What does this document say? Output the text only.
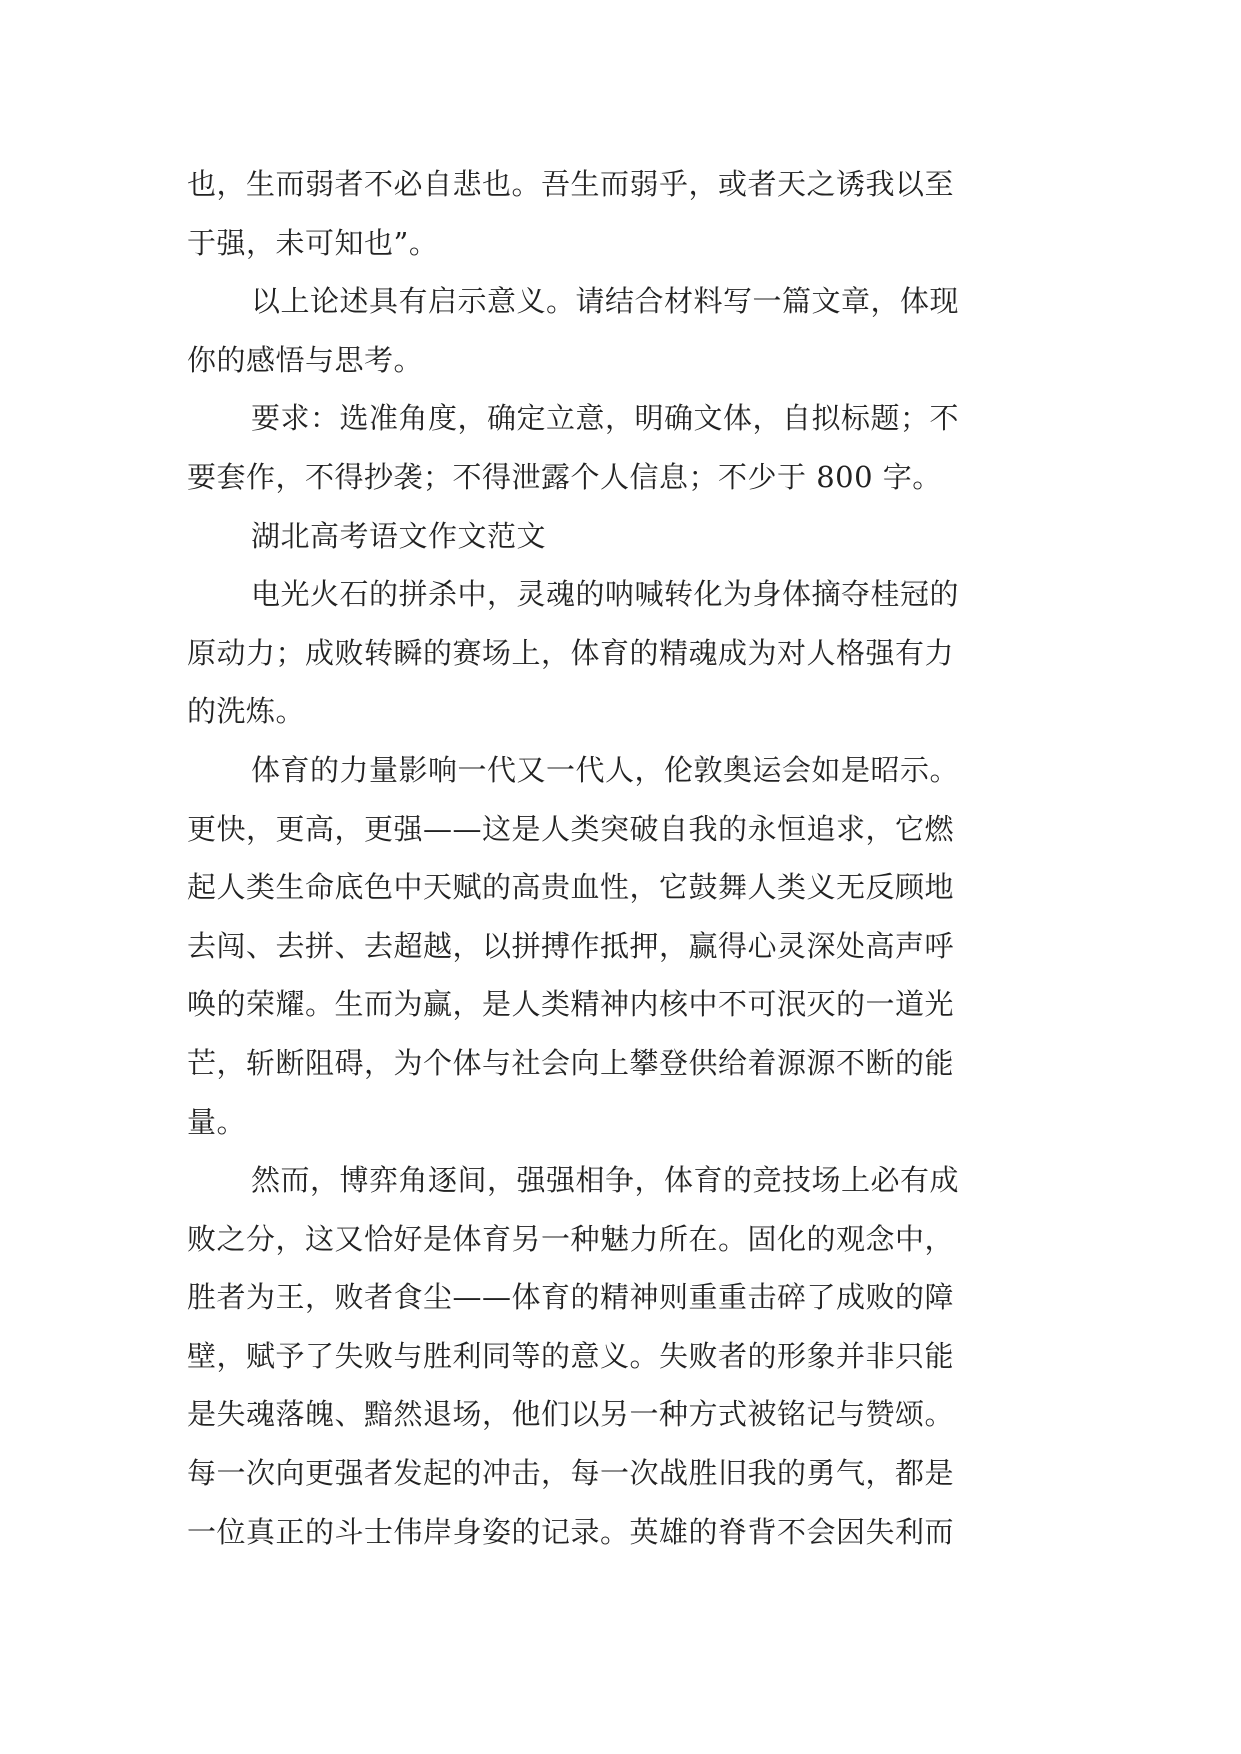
也，生而弱者不必自悲也。吾生而弱乎，或者天之诱我以至
于强，未可知也”。
以上论述具有启示意义。请结合材料写一篇文章，体现
你的感悟与思考。
要求：选准角度，确定立意，明确文体，自拟标题；不
要套作，不得抄袭；不得泄露个人信息；不少于 800 字。
湖北高考语文作文范文
电光火石的拼杀中，灵魂的呐喊转化为身体摘夺桂冠的
原动力；成败转瞬的赛场上，体育的精魂成为对人格强有力
的洗炼。
体育的力量影响一代又一代人，伦敦奥运会如是昭示。
更快，更高，更强——这是人类突破自我的永恒追求，它燃
起人类生命底色中天赋的高贵血性，它鼓舞人类义无反顾地
去闯、去拼、去超越，以拼搏作抵押，赢得心灵深处高声呼
唤的荣耀。生而为赢，是人类精神内核中不可泯灭的一道光
芒，斩断阻碍，为个体与社会向上攀登供给着源源不断的能
量。
然而，博弈角逐间，强强相争，体育的竞技场上必有成
败之分，这又恰好是体育另一种魅力所在。固化的观念中，
胜者为王，败者食尘——体育的精神则重重击碎了成败的障
壁，赋予了失败与胜利同等的意义。失败者的形象并非只能
是失魂落魄、黯然退场，他们以另一种方式被铭记与赞颂。
每一次向更强者发起的冲击，每一次战胜旧我的勇气，都是
一位真正的斗士伟岸身姿的记录。英雄的脊背不会因失利而
